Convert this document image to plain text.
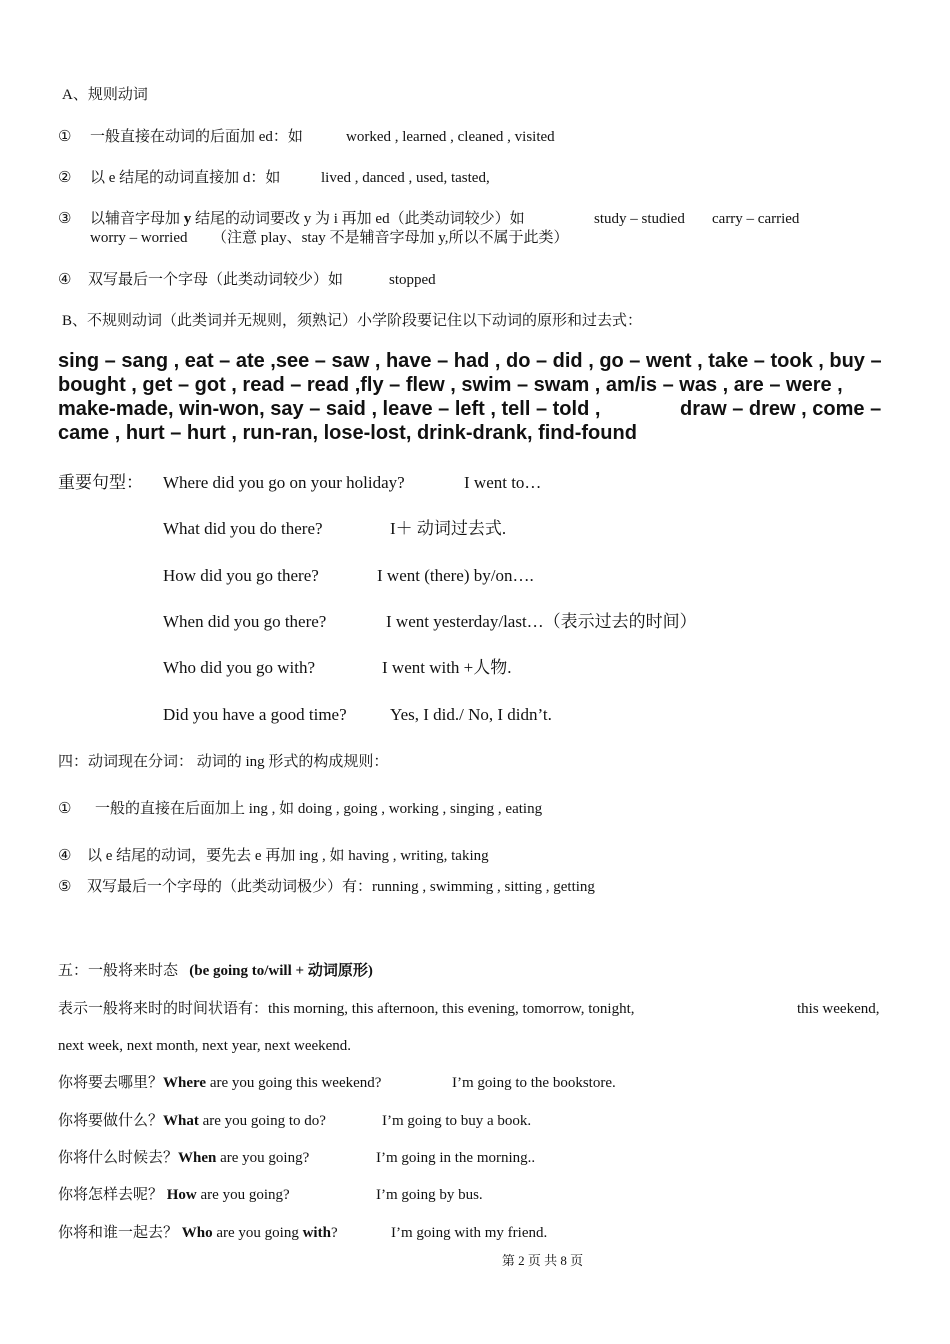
A、规则动词
① 一般直接在动词的后面加 ed：如	worked , learned , cleaned , visited
② 以 e 结尾的动词直接加 d：如	lived , danced , used, tasted,
③ 以辅音字母加 y 结尾的动词要改 y 为 i 再加 ed（此类动词较少）如	study – studied carry – carried
worry – worried （注意 play、stay 不是辅音字母加 y,所以不属于此类）
④ 双写最后一个字母（此类动词较少）如	stopped
B、不规则动词（此类词并无规则，须熟记）小学阶段要记住以下动词的原形和过去式：
sing – sang , eat – ate ,see – saw , have – had , do – did , go – went , take – took , buy –
bought , get – got , read – read ,fly – flew , swim – swam , am/is – was , are – were ,
make-made, win-won, say – said , leave – left , tell – told ,	draw – drew , come –
came , hurt – hurt , run-ran, lose-lost, drink-drank, find-found
重要句型： Where did you go on your holiday?	I went to…
What did you do there?	I＋ 动词过去式.
How did you go there?	I went (there) by/on….
When did you go there?	I went yesterday/last…（表示过去的时间）
Who did you go with?	I went with +人物.
Did you have a good time?	Yes, I did./ No, I didn’t.
四：动词现在分词： 动词的 ing 形式的构成规则：
① 一般的直接在后面加上 ing , 如 doing , going , working , singing , eating
④ 以 e 结尾的动词，要先去 e 再加 ing , 如 having , writing, taking
⑤ 双写最后一个字母的（此类动词极少）有：running , swimming , sitting , getting
五：一般将来时态 (be going to/will + 动词原形)
表示一般将来时的时间状语有：this morning, this afternoon, this evening, tomorrow, tonight,	this weekend,
next week, next month, next year, next weekend.
你将要去哪里？Where are you going this weekend?	I’m going to the bookstore.
你将要做什么？What are you going to do?	I’m going to buy a book.
你将什么时候去？When are you going?	I’m going in the morning..
你将怎样去呢？ How are you going?	I’m going by bus.
你将和谁一起去？ Who are you going with?	I’m going with my friend.
第 2 页 共 8 页
